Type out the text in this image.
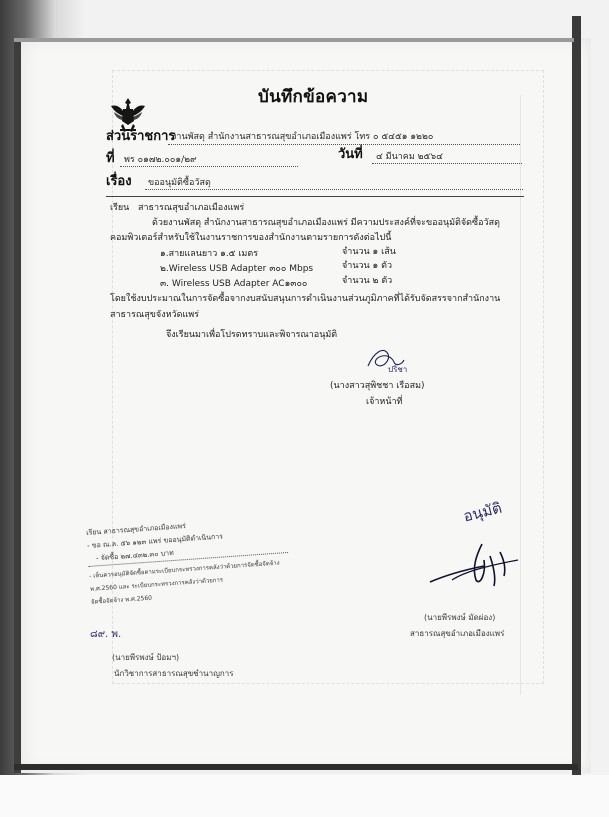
บันทึกข้อความ
ส่วนราชการ
งานพัสดุ สำนักงานสาธารณสุขอำเภอเมืองแพร่ โทร ๐ ๕๔๕๑ ๑๒๒๐
ที่ พร ๐๑๗๒.๐๐๑/๒๙	วันที่ ๔ มีนาคม ๒๕๖๔
เรื่อง ขออนุมัติซื้อวัสดุ
เรียน สาธารณสุขอำเภอเมืองแพร่
ด้วยงานพัสดุ สำนักงานสาธารณสุขอำเภอเมืองแพร่ มีความประสงค์ที่จะขออนุมัติจัดซื้อวัสดุ
คอมพิวเตอร์สำหรับใช้ในงานราชการของสำนักงานตามรายการดังต่อไปนี้
๑.สายแลนยาว ๑.๕ เมตร	จำนวน ๑ เส้น
๒.Wireless USB Adapter ๓๐๐ Mbps	จำนวน ๑ ตัว
๓. Wireless USB Adapter AC๑๓๐๐	จำนวน ๒ ตัว
โดยใช้งบประมาณในการจัดซื้อจากงบสนับสนุนการดำเนินงานส่วนภูมิภาคที่ได้รับจัดสรรจากสำนักงาน
สาธารณสุขจังหวัดแพร่
จึงเรียนมาเพื่อโปรดทราบและพิจารณาอนุมัติ
ปริชา
(นางสาวสุพิชชา เรือสม)
เจ้าหน้าที่
เรียน สาธารณสุขอำเภอเมืองแพร่
- ขอ ณ.ล. ๕๖ ๑๒๓ แพร่ ขออนุมัติดำเนินการ
- จัดซื้อ ๒๗.๔๓๒.๓๐ บาท
- เห็นควรอนุมัติจัดซื้อตามระเบียบกระทรวงการคลังว่าด้วยการจัดซื้อจัดจ้าง
พ.ศ.2560 และ ระเบียบกระทรวงการคลังว่าด้วยการ
จัดซื้อจัดจ้าง พ.ศ.2560
๘๙. พ.
(นายพีรพงษ์ ป้อมฯ)
นักวิชาการสาธารณสุขชำนาญการ
อนุมัติ
(นายพีรพงษ์ มัดผ่อง)
สาธารณสุขอำเภอเมืองแพร่
